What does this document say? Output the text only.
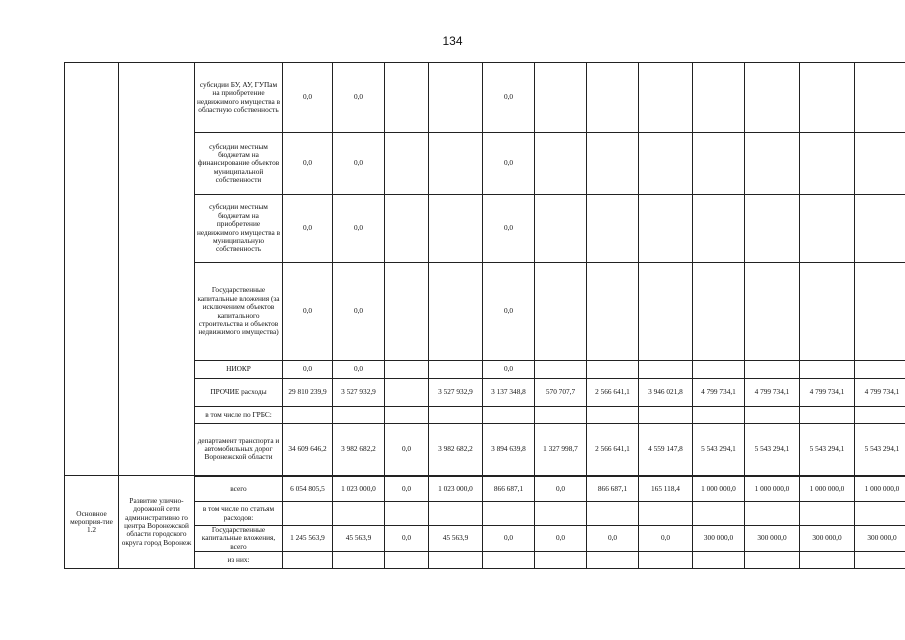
134
		субсидии БУ, АУ, ГУПам на приобретение недвижимого имущества в областную собственность	0,0	0,0			0,0							
		субсидии местным бюджетам на финансирование объектов муниципальной собственности	0,0	0,0			0,0							
		субсидии местным бюджетам на приобретение недвижимого имущества в муниципальную собственность	0,0	0,0			0,0							
		Государственные капитальные вложения (за исключением объектов капитального строительства и объектов недвижимого имущества)	0,0	0,0			0,0							
		НИОКР	0,0	0,0			0,0							
		ПРОЧИЕ расходы	29 810 239,9	3 527 932,9		3 527 932,9	3 137 348,8	570 707,7	2 566 641,1	3 946 021,8	4 799 734,1	4 799 734,1	4 799 734,1	4 799 734,1
		в том числе по ГРБС:												
		департамент транспорта и автомобильных дорог Воронежской области	34 609 646,2	3 982 682,2	0,0	3 982 682,2	3 894 639,8	1 327 998,7	2 566 641,1	4 559 147,8	5 543 294,1	5 543 294,1	5 543 294,1	5 543 294,1
Основное мероприя-тие 1.2	Развитие улично-дорожной сети административно го центра Воронежской области городского округа город Воронеж	всего	6 054 805,5	1 023 000,0	0,0	1 023 000,0	866 687,1	0,0	866 687,1	165 118,4	1 000 000,0	1 000 000,0	1 000 000,0	1 000 000,0
		в том числе по статьям расходов:												
		Государственные капитальные вложения, всего	1 245 563,9	45 563,9	0,0	45 563,9	0,0	0,0	0,0	0,0	300 000,0	300 000,0	300 000,0	300 000,0
		из них:												
